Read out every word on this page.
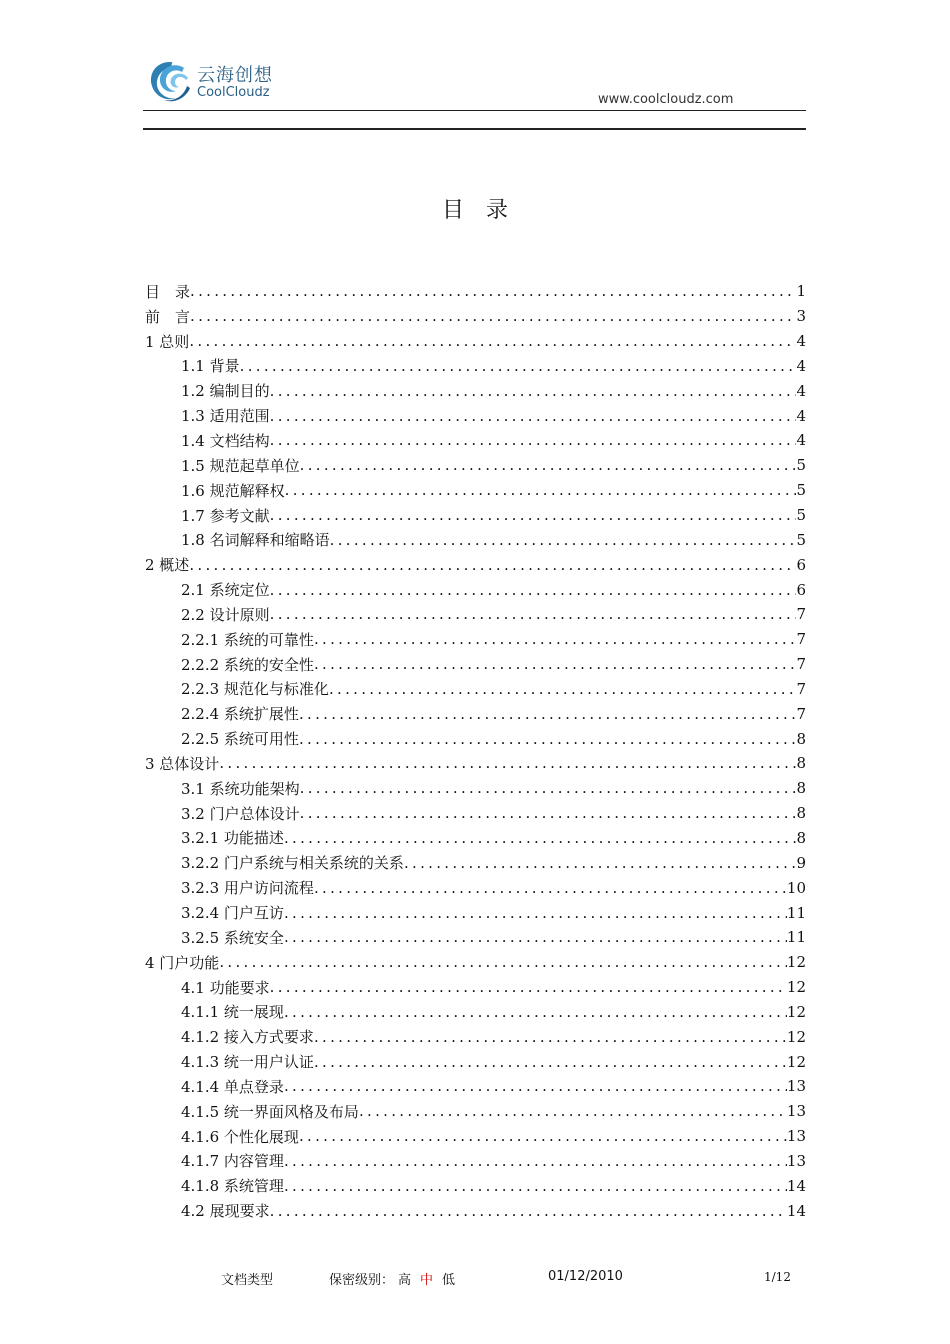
云海创想
CoolCloudz	www.coolcloudz.com
目录
目　录 .....	1
前　言 .....	3
1 总则 .....	4
1.1 背景 .....	4
1.2 编制目的 .....	4
1.3 适用范围 .....	4
1.4 文档结构 .....	4
1.5 规范起草单位 .....	5
1.6 规范解释权 .....	5
1.7 参考文献 .....	5
1.8 名词解释和缩略语 .....	5
2 概述 .....	6
2.1 系统定位 .....	6
2.2 设计原则 .....	7
2.2.1 系统的可靠性 .....	7
2.2.2 系统的安全性 .....	7
2.2.3 规范化与标准化 .....	7
2.2.4 系统扩展性 .....	7
2.2.5 系统可用性 .....	8
3 总体设计 .....	8
3.1 系统功能架构 .....	8
3.2 门户总体设计 .....	8
3.2.1 功能描述 .....	8
3.2.2 门户系统与相关系统的关系 .....	9
3.2.3 用户访问流程 .....	10
3.2.4 门户互访 .....	11
3.2.5 系统安全 .....	11
4 门户功能 .....	12
4.1 功能要求 .....	12
4.1.1 统一展现 .....	12
4.1.2 接入方式要求 .....	12
4.1.3 统一用户认证 .....	12
4.1.4 单点登录 .....	13
4.1.5 统一界面风格及布局 .....	13
4.1.6 个性化展现 .....	13
4.1.7 内容管理 .....	13
4.1.8 系统管理 .....	14
4.2 展现要求 .....	14
文档类型	保密级别： 高 中 低	01/12/2010	1/12
